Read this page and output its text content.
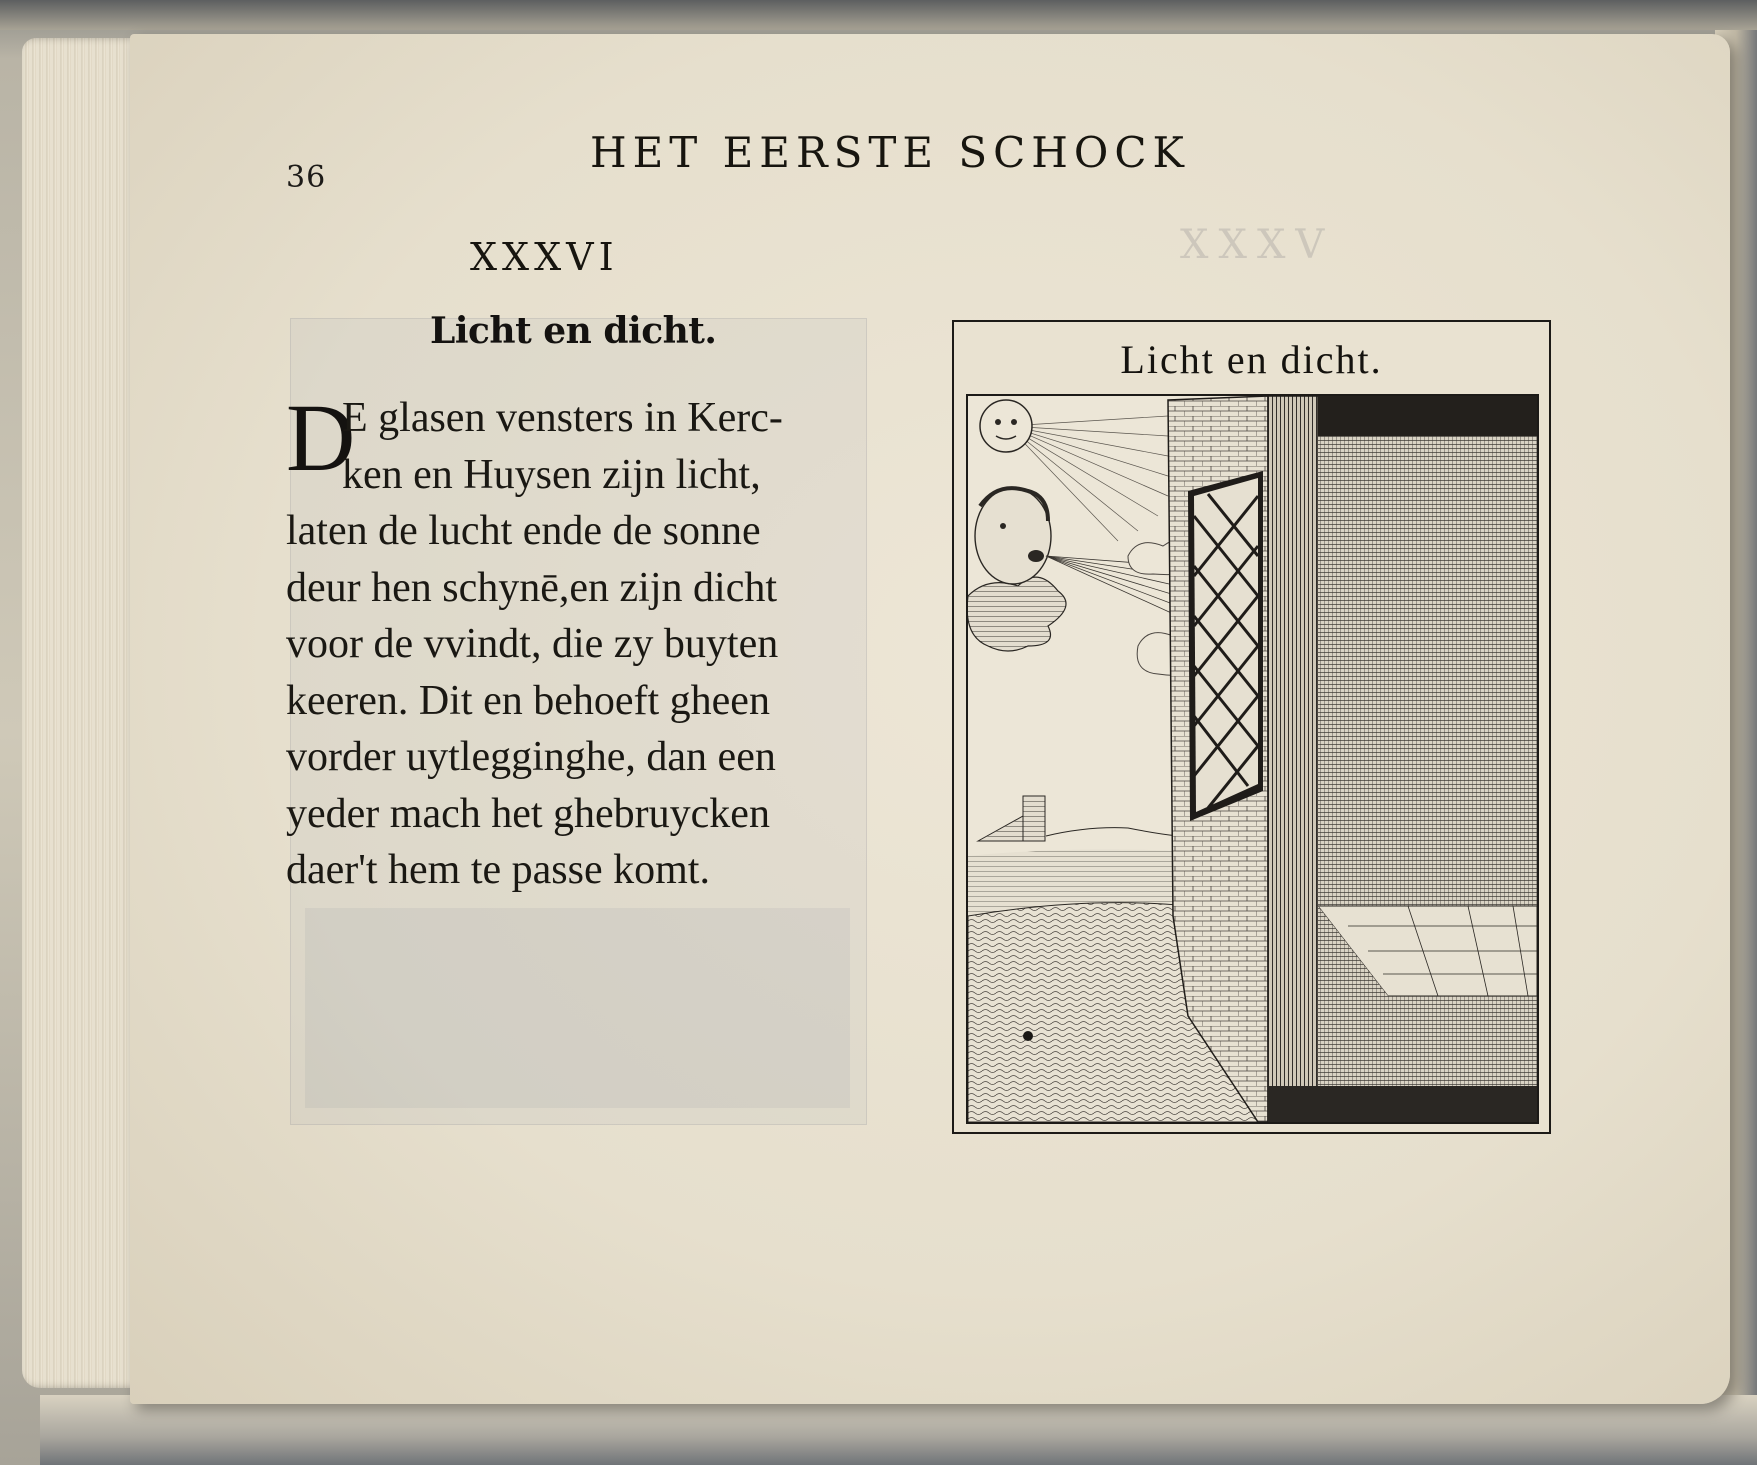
XXXV
36
HET EERSTE SCHOCK
XXXVI
Licht en dicht.
D
E glasen vensters in Kerc-
ken en Huysen zijn licht,
laten de lucht ende de sonne
deur hen schynē,en zijn dicht
voor de vvindt, die zy buyten
keeren. Dit en behoeft gheen
vorder uytlegginghe, dan een
yeder mach het ghebruycken
daer't hem te passe komt.
Licht en dicht.
